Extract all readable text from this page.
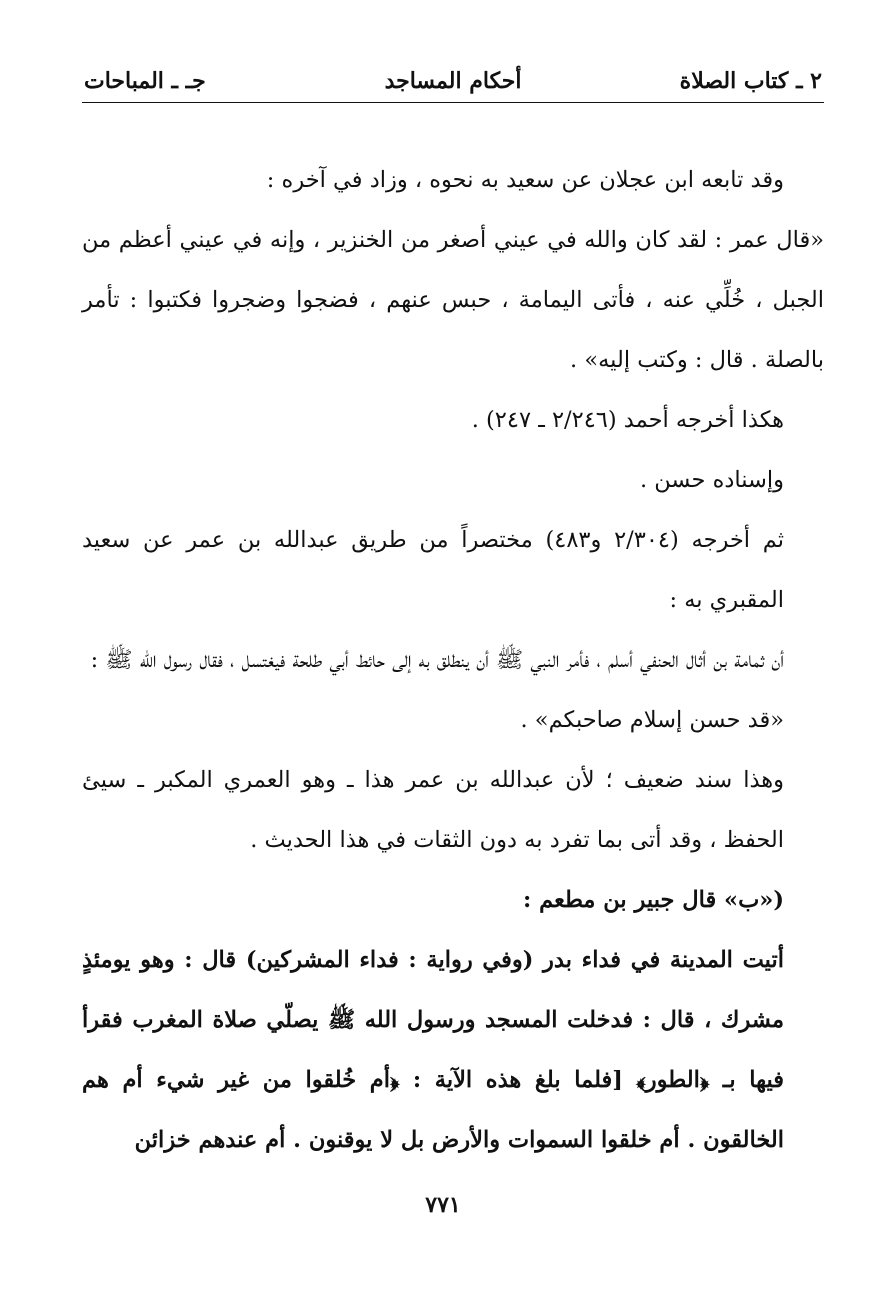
٢ ـ كتاب الصلاة
أحكام المساجد
جـ ـ المباحات

وقد تابعه ابن عجلان عن سعيد به نحوه ، وزاد في آخره :

«قال عمر : لقد كان والله في عيني أصغر من الخنزير ، وإنه في عيني أعظم من الجبل ، خُلِّي عنه ، فأتى اليمامة ، حبس عنهم ، فضجوا وضجروا فكتبوا : تأمر بالصلة . قال : وكتب إليه» .

هكذا أخرجه أحمد (٢/٢٤٦ ـ ٢٤٧) .

وإسناده حسن .

ثم أخرجه (٢/٣٠٤ و٤٨٣) مختصراً من طريق عبدالله بن عمر عن سعيد المقبري به :

أن ثمامة بن أثال الحنفي أسلم ، فأمر النبي ﷺ أن ينطلق به إلى حائط أبي طلحة فيغتسل ، فقال رسول الله ﷺ :

«قد حسن إسلام صاحبكم» .

وهذا سند ضعيف ؛ لأن عبدالله بن عمر هذا ـ وهو العمري المكبر ـ سيئ الحفظ ، وقد أتى بما تفرد به دون الثقات في هذا الحديث .

(«ب» قال جبير بن مطعم :

أتيت المدينة في فداء بدر (وفي رواية : فداء المشركين) قال : وهو يومئذٍ مشرك ، قال : فدخلت المسجد ورسول الله ﷺ يصلّي صلاة المغرب فقرأ فيها بـ ﴿الطور﴾ [فلما بلغ هذه الآية : ﴿أم خُلقوا من غير شيء أم هم الخالقون . أم خلقوا السموات والأرض بل لا يوقنون . أم عندهم خزائن

٧٧١
